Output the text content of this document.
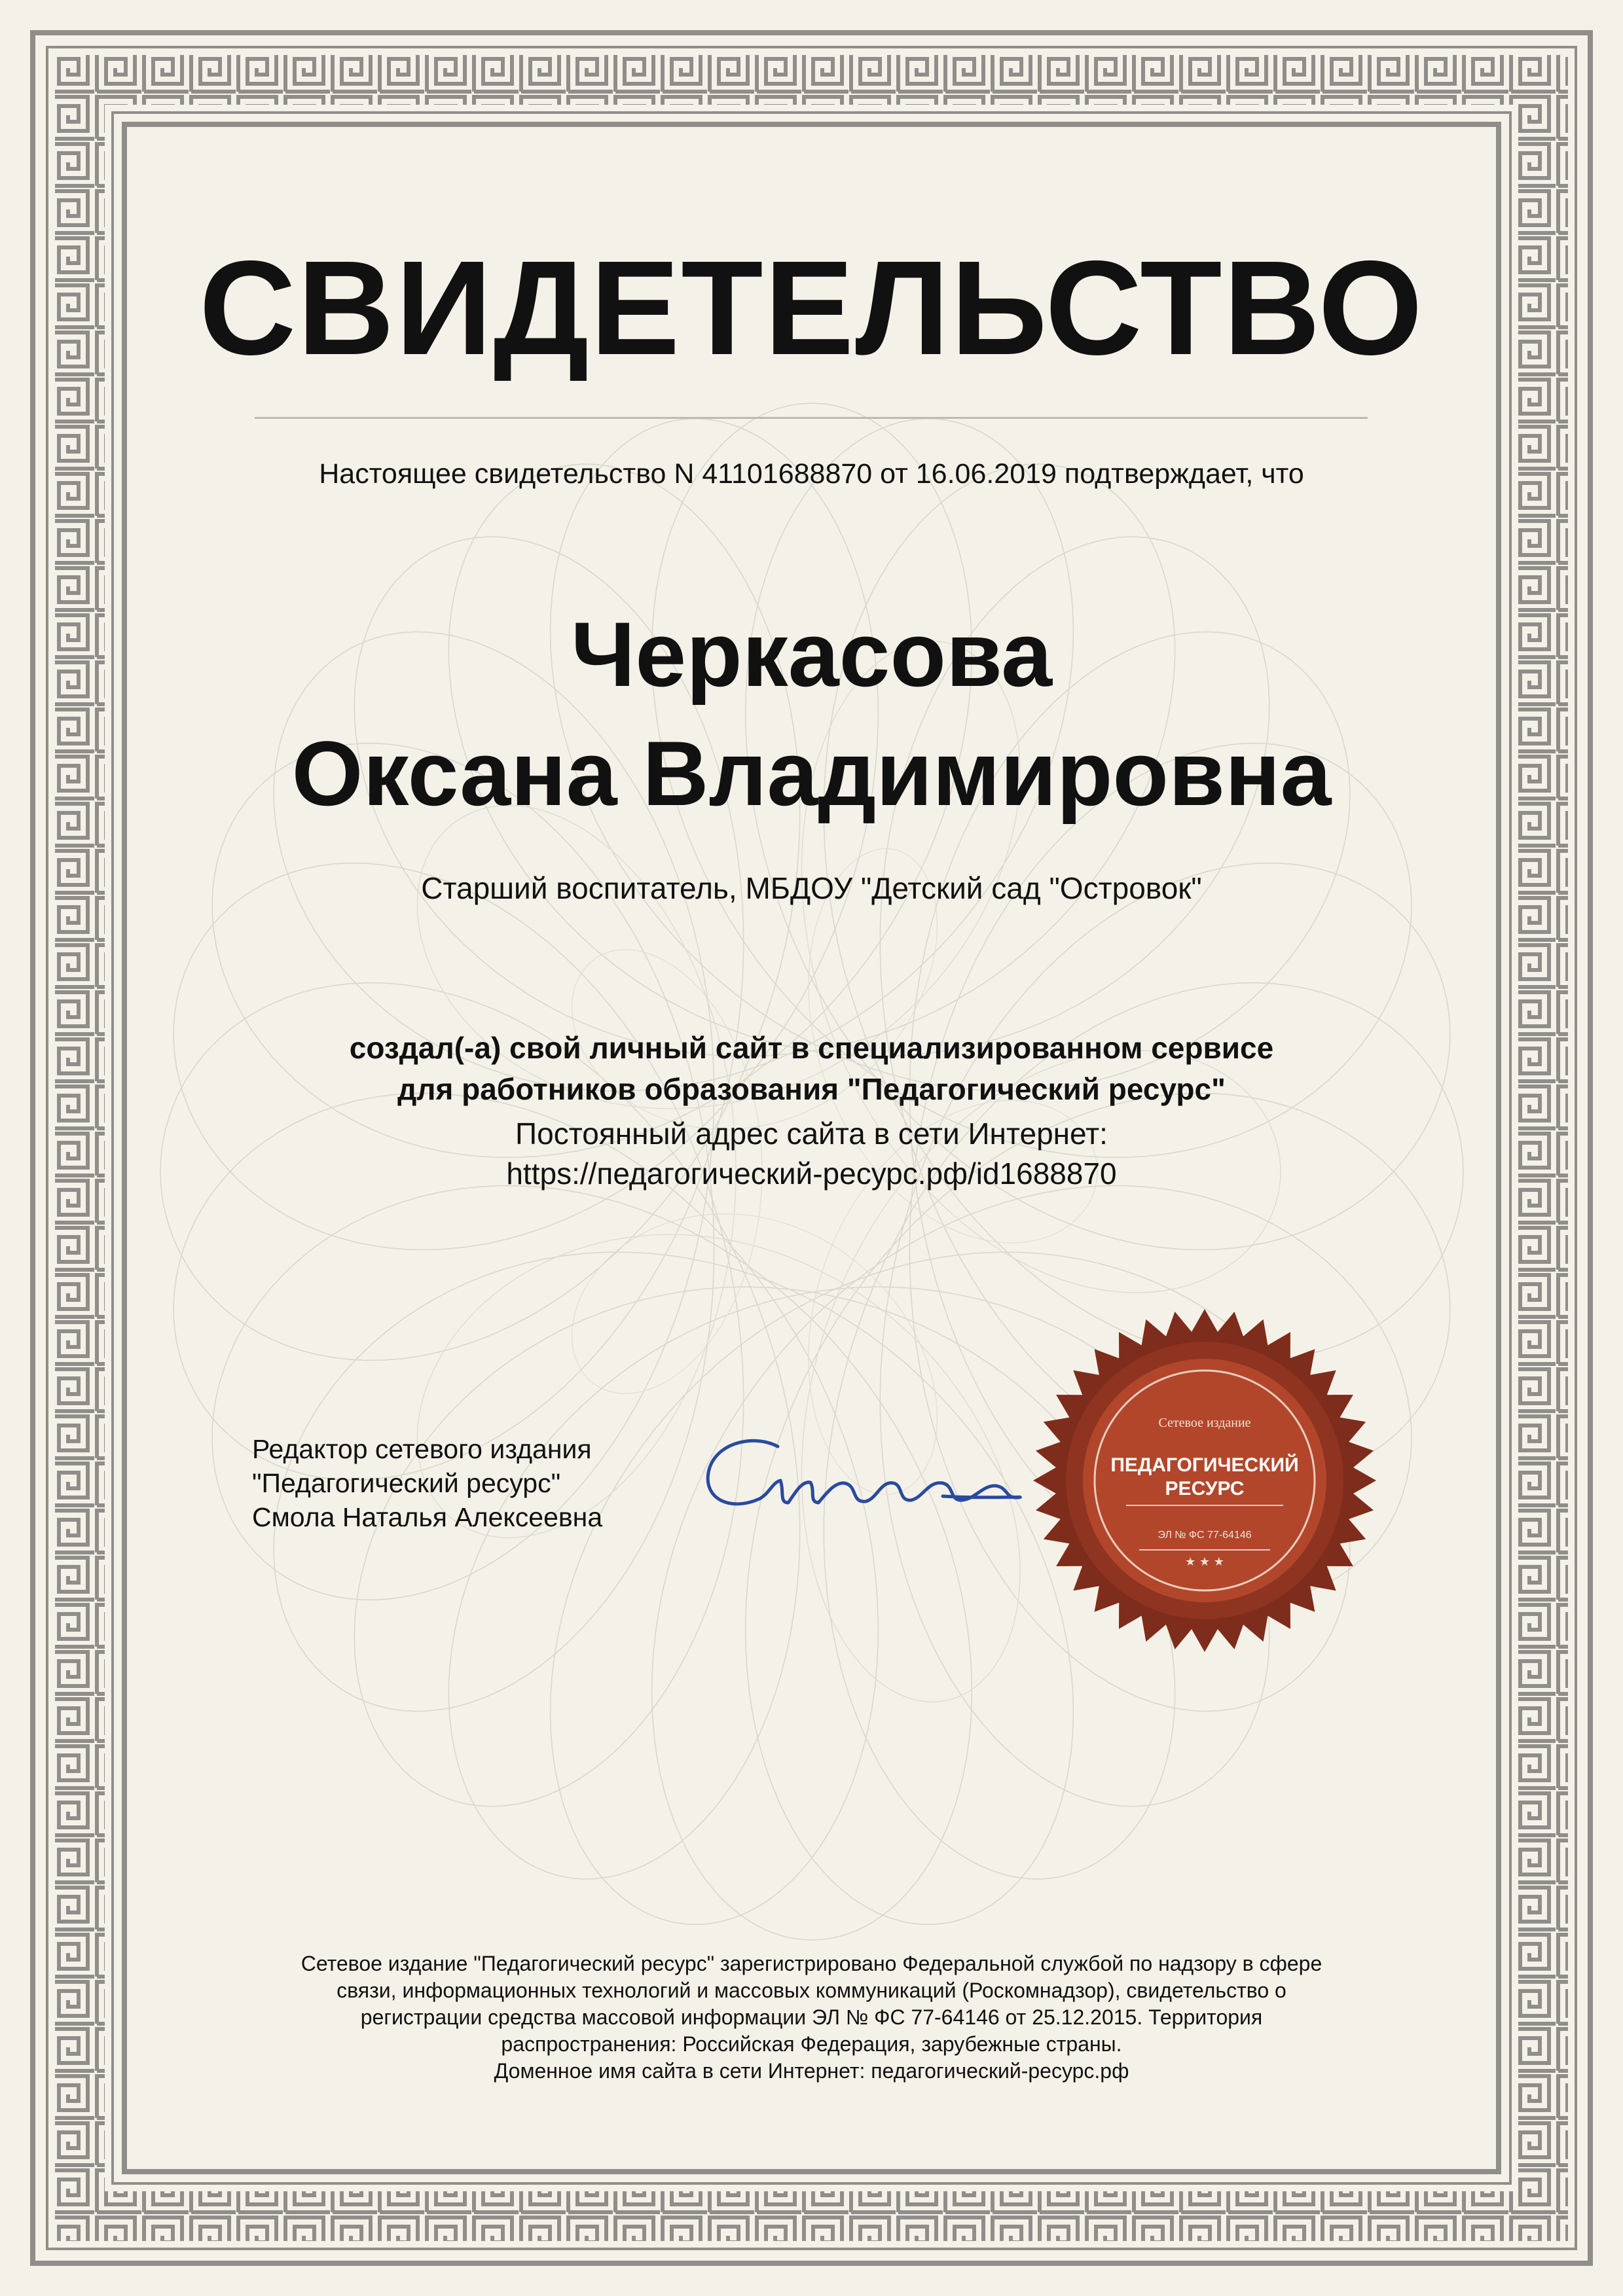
СВИДЕТЕЛЬСТВО
Настоящее свидетельство N 41101688870 от 16.06.2019 подтверждает, что
Черкасова
Оксана Владимировна
Старший воспитатель, МБДОУ "Детский сад "Островок"
создал(-а) свой личный сайт в специализированном сервисе
для работников образования "Педагогический ресурс"
Постоянный адрес сайта в сети Интернет:
https://педагогический-ресурс.рф/id1688870
Редактор сетевого издания
"Педагогический ресурс"
Смола Наталья Алексеевна
Сетевое издание
ПЕДАГОГИЧЕСКИЙ
РЕСУРС
ЭЛ № ФС 77-64146
★ ★ ★
Сетевое издание "Педагогический ресурс" зарегистрировано Федеральной службой по надзору в сфере
связи, информационных технологий и массовых коммуникаций (Роскомнадзор), свидетельство о
регистрации средства массовой информации ЭЛ № ФС 77-64146 от 25.12.2015. Территория
распространения: Российская Федерация, зарубежные страны.
Доменное имя сайта в сети Интернет: педагогический-ресурс.рф
